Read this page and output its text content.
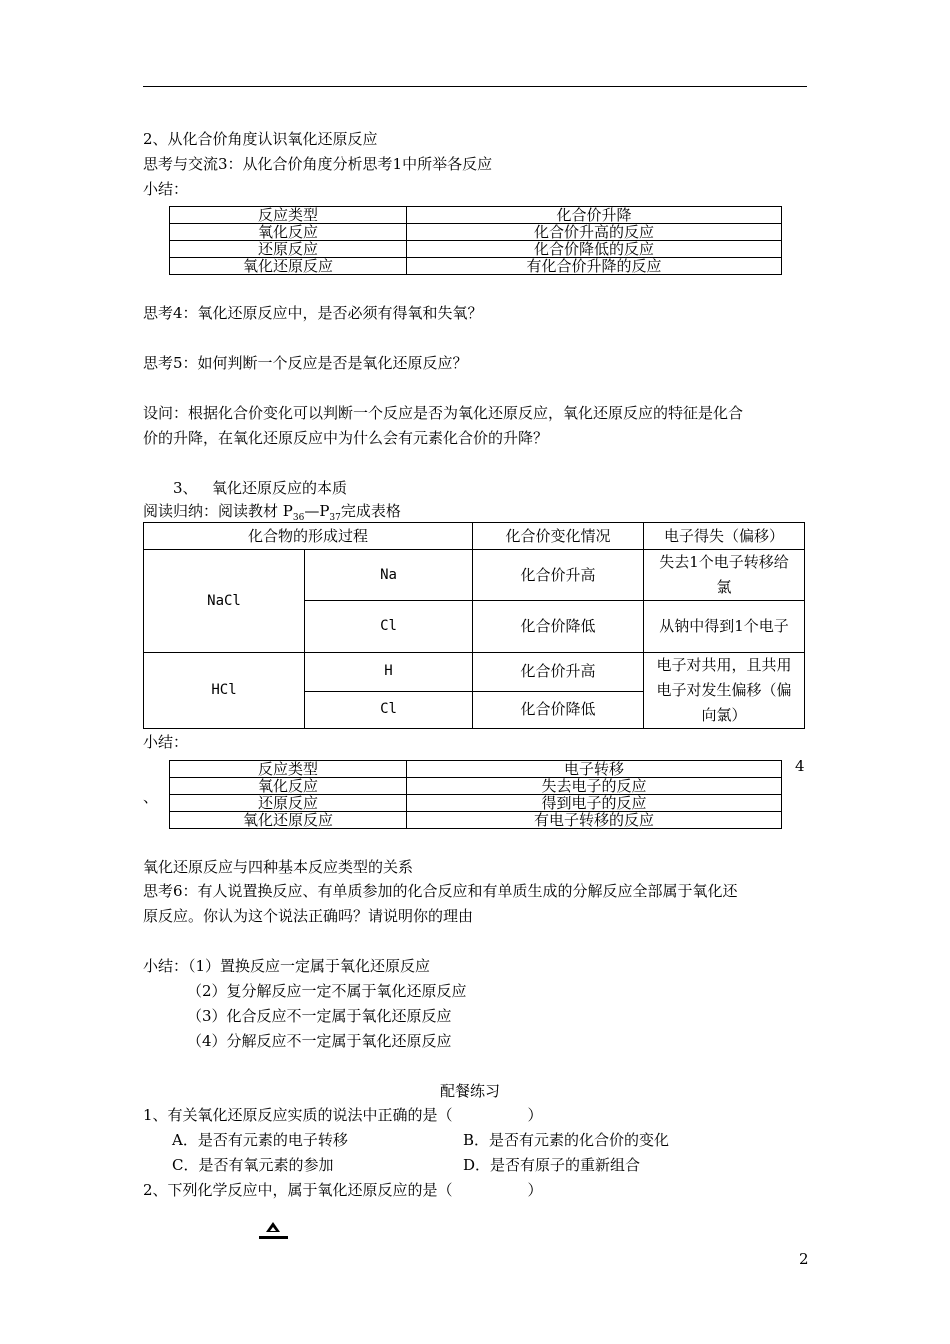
2、从化合价角度认识氧化还原反应
思考与交流3：从化合价角度分析思考1中所举各反应
小结：
反应类型	化合价升降
氧化反应	化合价升高的反应
还原反应	化合价降低的反应
氧化还原反应	有化合价升降的反应
思考4：氧化还原反应中，是否必须有得氧和失氧？
思考5：如何判断一个反应是否是氧化还原反应？
设问：根据化合价变化可以判断一个反应是否为氧化还原反应，氧化还原反应的特征是化合
价的升降，在氧化还原反应中为什么会有元素化合价的升降？
3、 氧化还原反应的本质
阅读归纳：阅读教材 $P_{36}—P_{37}$完成表格
化合物的形成过程		化合价变化情况	电子得失（偏移）
NaCl	Na	化合价升高	失去1个电子转移给氯
	Cl	化合价降低	从钠中得到1个电子
HCl	H	化合价升高	电子对共用，且共用电子对发生偏移（偏向氯）
	Cl	化合价降低	
小结：
4
、
反应类型	电子转移
氧化反应	失去电子的反应
还原反应	得到电子的反应
氧化还原反应	有电子转移的反应
氧化还原反应与四种基本反应类型的关系
思考6：有人说置换反应、有单质参加的化合反应和有单质生成的分解反应全部属于氧化还
原反应。你认为这个说法正确吗？请说明你的理由
小结：（1）置换反应一定属于氧化还原反应
（2）复分解反应一定不属于氧化还原反应
（3）化合反应不一定属于氧化还原反应
（4）分解反应不一定属于氧化还原反应
配餐练习
1、有关氧化还原反应实质的说法中正确的是（　　　　　）
A．是否有元素的电子转移	B．是否有元素的化合价的变化
C．是否有氧元素的参加	D．是否有原子的重新组合
2、下列化学反应中，属于氧化还原反应的是（　　　　　）
2
